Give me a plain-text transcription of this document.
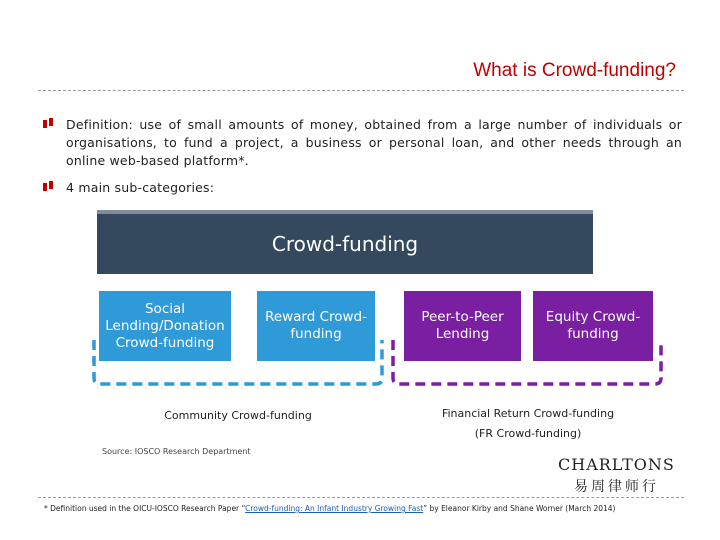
What is Crowd-funding?
Definition: use of small amounts of money, obtained from a large number of individuals or organisations, to fund a project, a business or personal loan, and other needs through an online web-based platform*.
4 main sub-categories:
Crowd-funding
Social Lending/Donation Crowd-funding
Reward Crowd-funding
Peer-to-Peer Lending
Equity Crowd-funding
Community Crowd-funding	Financial Return Crowd-funding
(FR Crowd-funding)
Source: IOSCO Research Department
CHARLTONS
易周律师行
* Definition used in the OICU-IOSCO Research Paper “Crowd-funding: An Infant Industry Growing Fast” by Eleanor Kirby and Shane Worner (March 2014)
